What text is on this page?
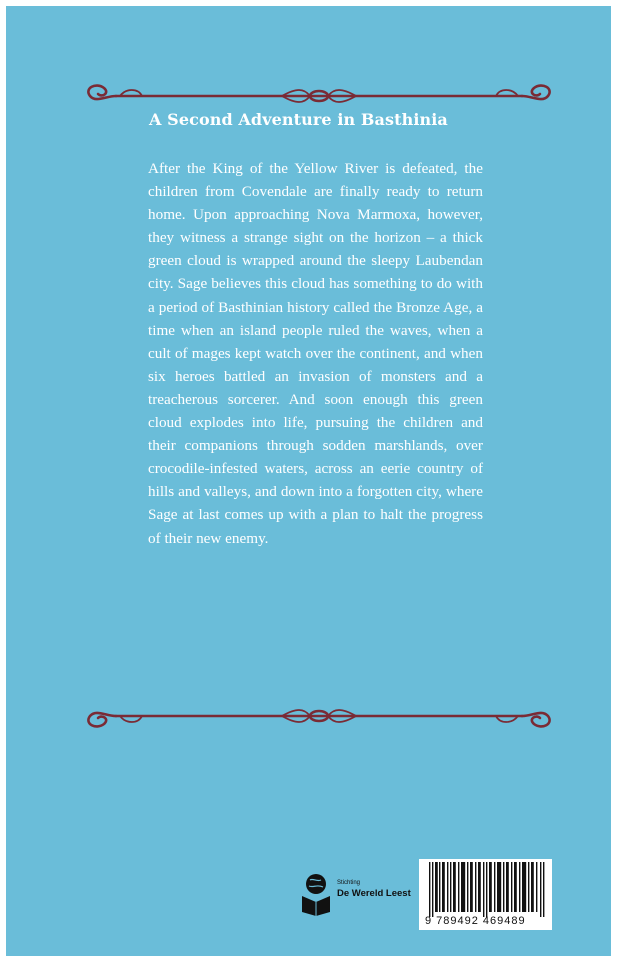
A Second Adventure in Basthinia

After the King of the Yellow River is defeated, the children from Covendale are finally ready to return home. Upon approaching Nova Marmoxa, however, they witness a strange sight on the horizon – a thick green cloud is wrapped around the sleepy Laubendan city. Sage believes this cloud has something to do with a period of Basthinian history called the Bronze Age, a time when an island people ruled the waves, when a cult of mages kept watch over the continent, and when six heroes battled an invasion of monsters and a treacherous sorcerer. And soon enough this green cloud explodes into life, pursuing the children and their companions through sodden marshlands, over crocodile-infested waters, across an eerie country of hills and valleys, and down into a forgotten city, where Sage at last comes up with a plan to halt the progress of their new enemy.

Stichting
De Wereld Leest
9 789492 469489
